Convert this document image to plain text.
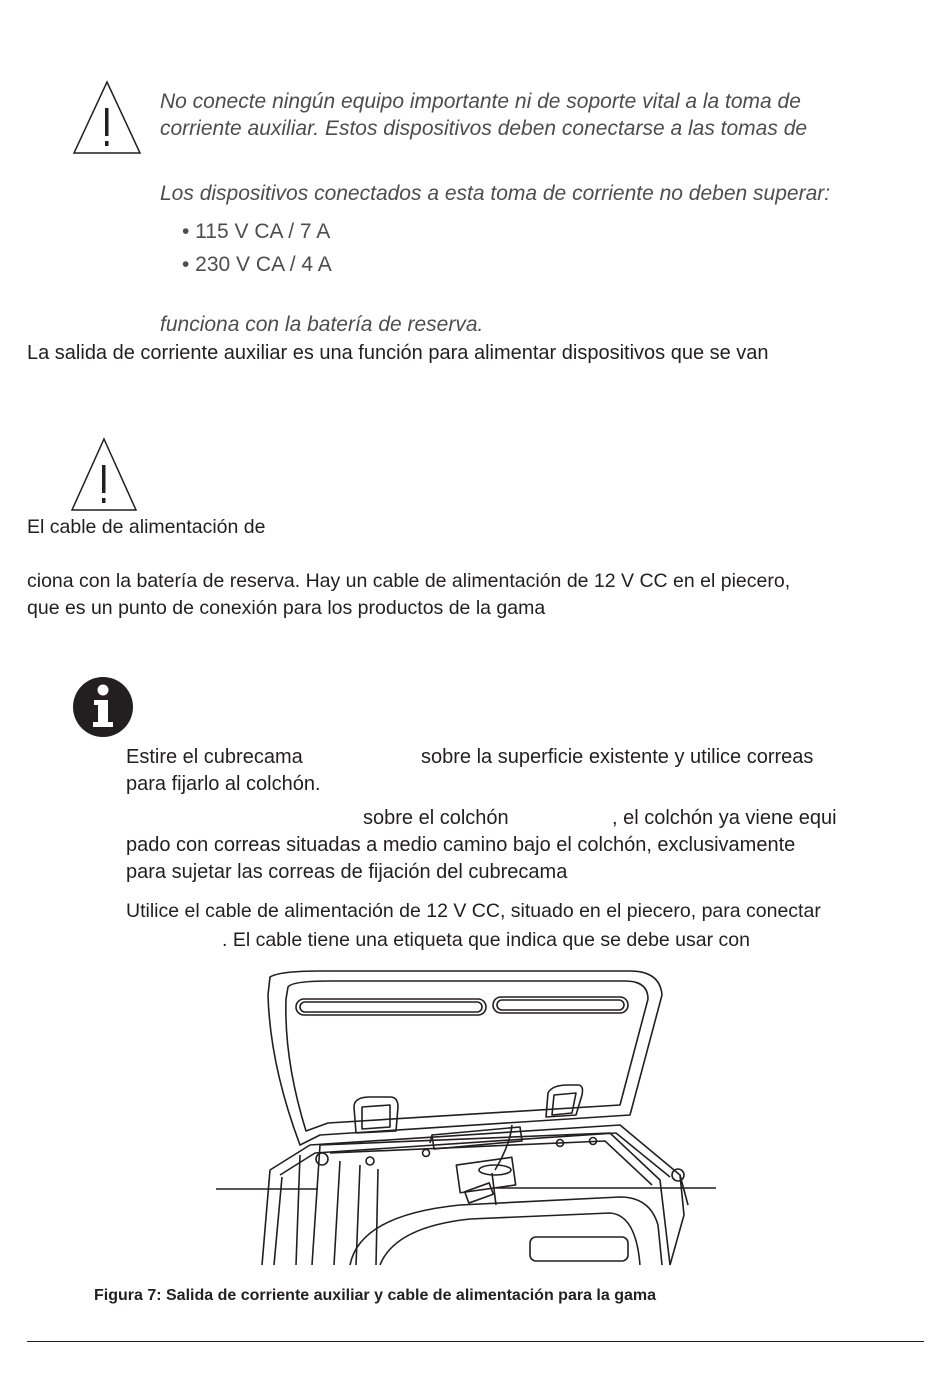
No conecte ningún equipo importante ni de soporte vital a la toma de
corriente auxiliar. Estos dispositivos deben conectarse a las tomas de
Los dispositivos conectados a esta toma de corriente no deben superar:
• 115 V CA / 7 A
• 230 V CA / 4 A
funciona con la batería de reserva.
La salida de corriente auxiliar es una función para alimentar dispositivos que se van
El cable de alimentación de
ciona con la batería de reserva. Hay un cable de alimentación de 12 V CC en el piecero,
que es un punto de conexión para los productos de la gama
Estire el cubrecama	sobre la superficie existente y utilice correas
para fijarlo al colchón.
sobre el colchón	, el colchón ya viene equi
pado con correas situadas a medio camino bajo el colchón, exclusivamente
para sujetar las correas de fijación del cubrecama
Utilice el cable de alimentación de 12 V CC, situado en el piecero, para conectar
. El cable tiene una etiqueta que indica que se debe usar con
Figura 7: Salida de corriente auxiliar y cable de alimentación para la gama
